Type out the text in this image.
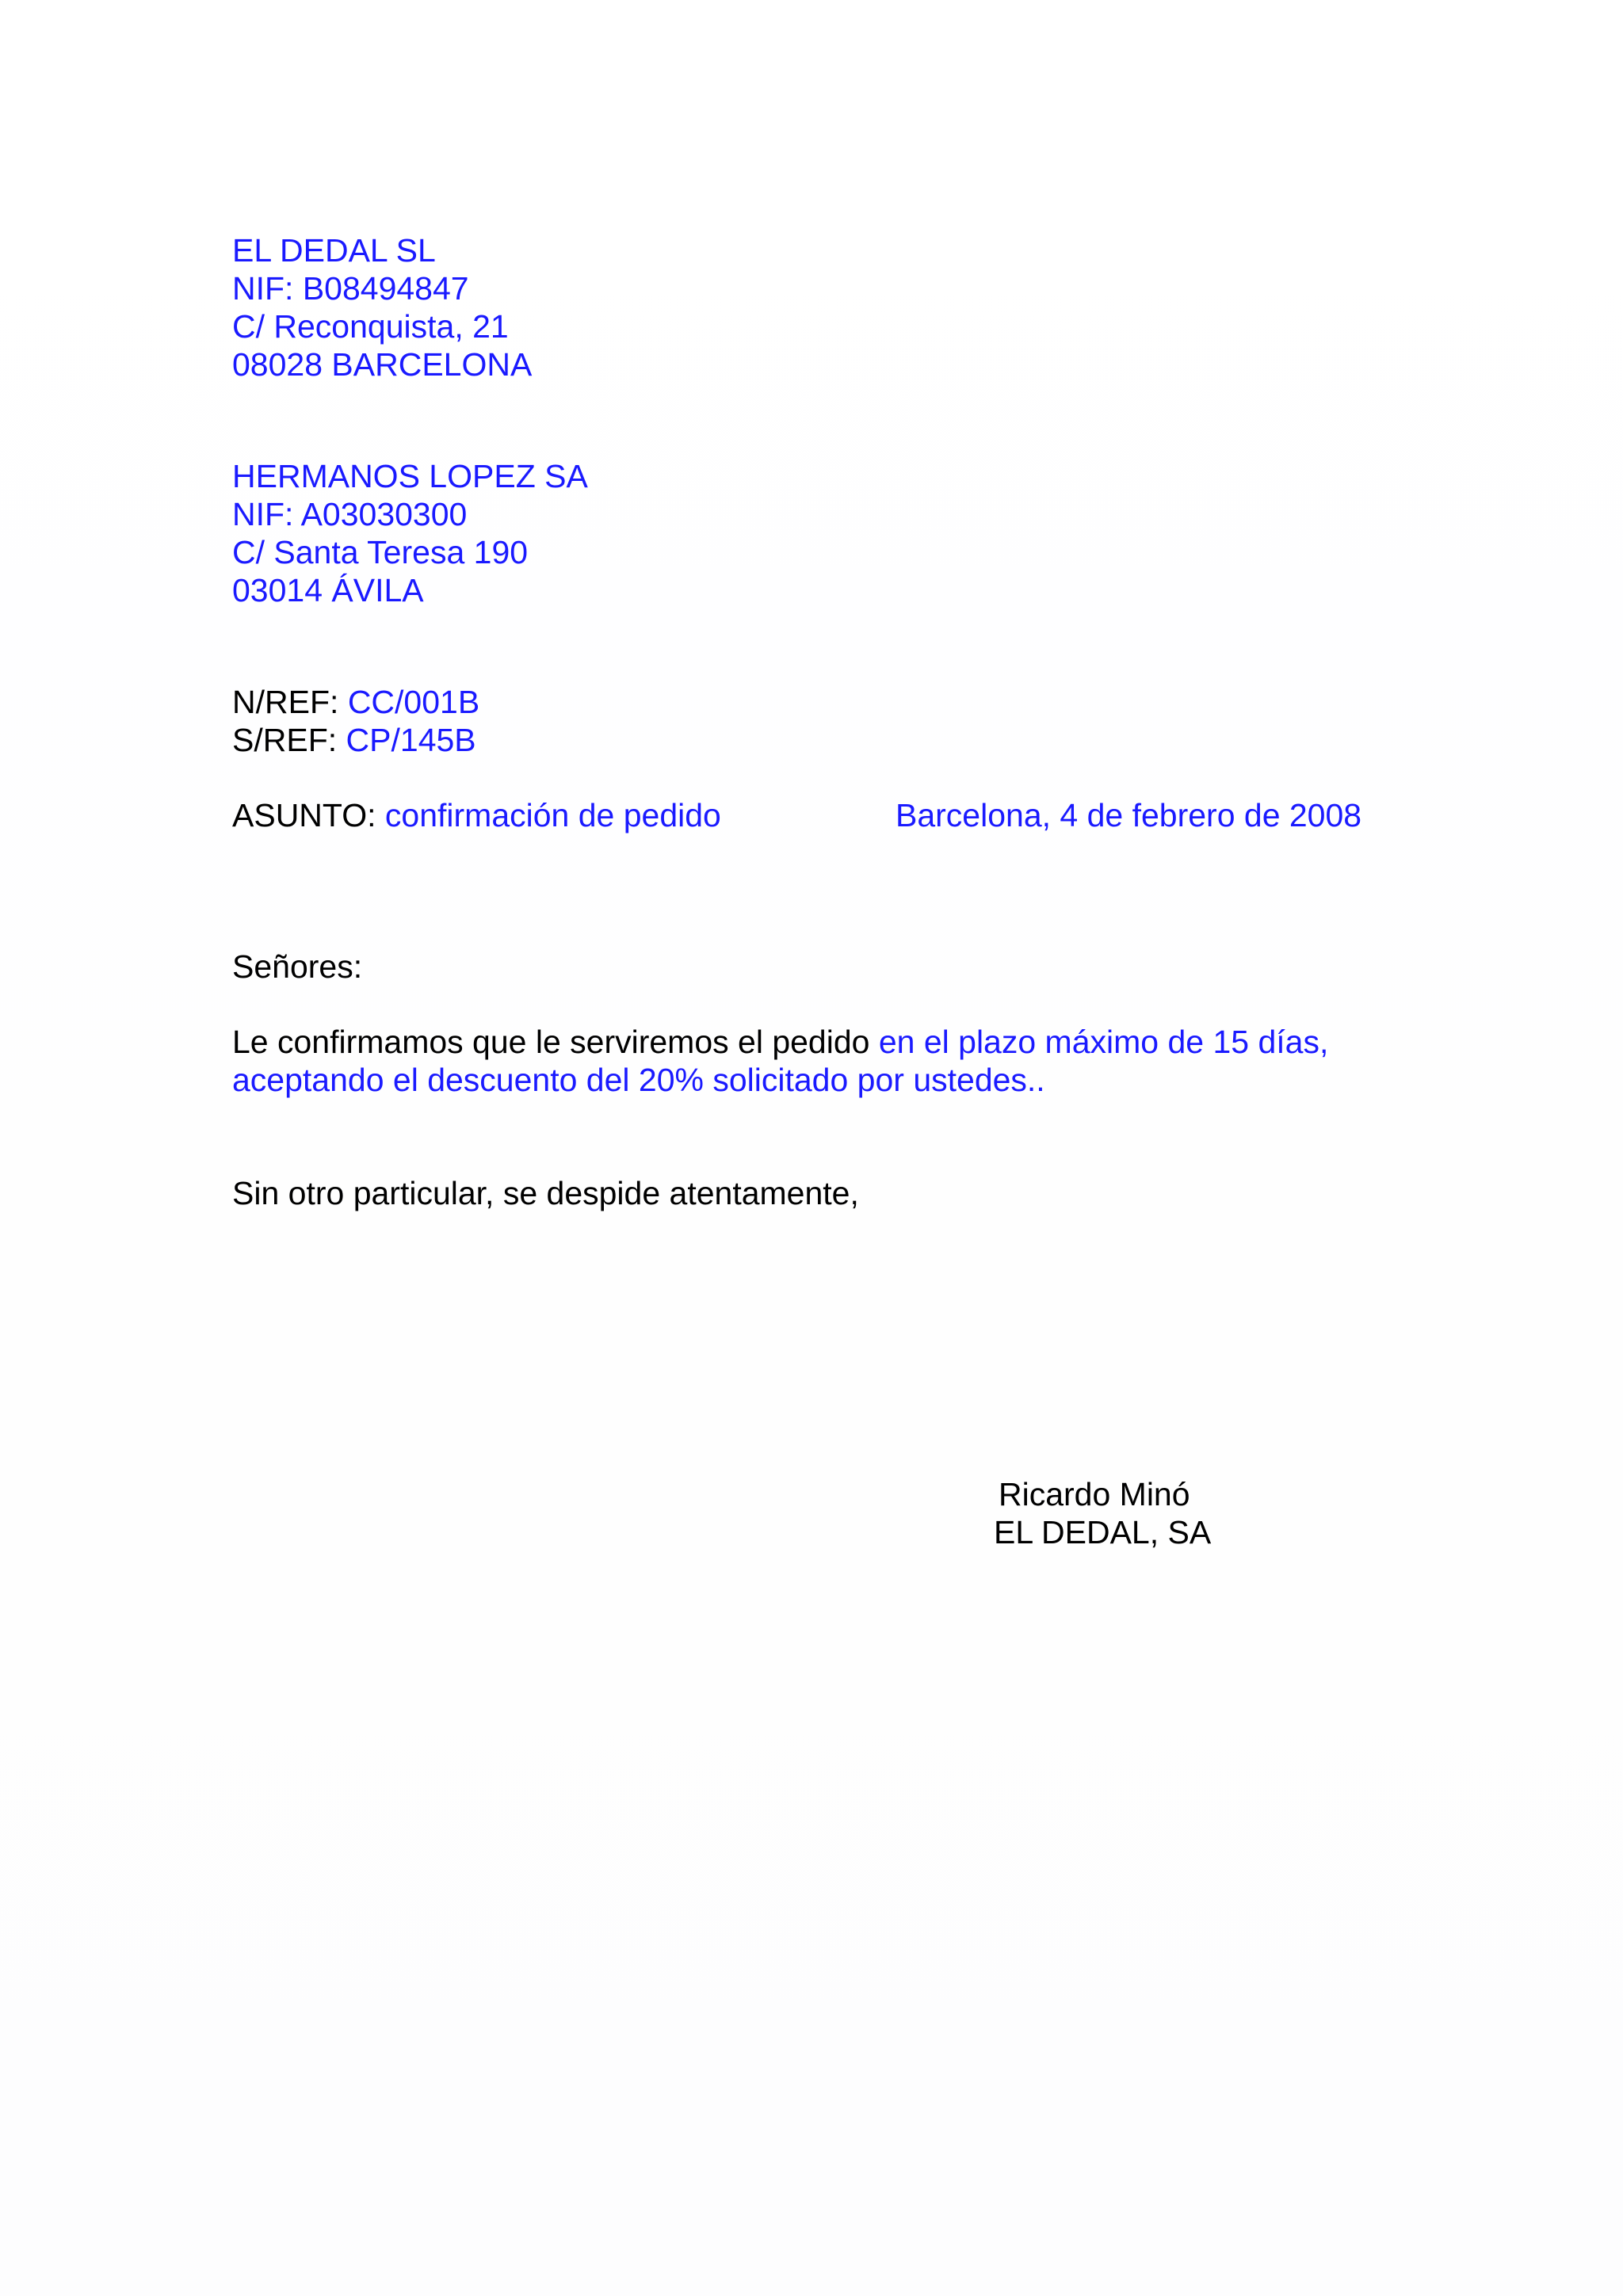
EL DEDAL SL
NIF: B08494847
C/ Reconquista, 21
08028 BARCELONA
HERMANOS LOPEZ SA
NIF: A03030300
C/ Santa Teresa 190
03014 ÁVILA
N/REF: CC/001B
S/REF: CP/145B
ASUNTO: confirmación de pedido	Barcelona, 4 de febrero de 2008
Señores:
Le confirmamos que le serviremos el pedido en el plazo máximo de 15 días,
aceptando el descuento del 20% solicitado por ustedes..
Sin otro particular, se despide atentamente,
Ricardo Minó
EL DEDAL, SA
